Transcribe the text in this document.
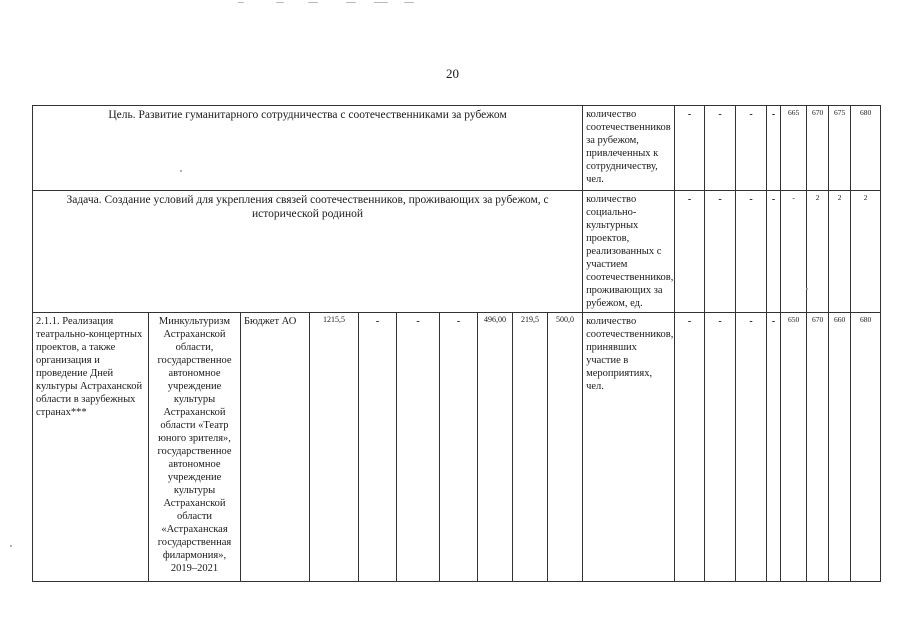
20
Цель. Развитие гуманитарного сотрудничества с соотечественниками за рубежом										количество соотечественников за рубежом, привлеченных к сотрудничеству, чел.	-	-	-	-	665	670	675	680
Задача. Создание условий для укрепления связей соотечественников, проживающих за рубежом, с исторической родиной										количество социально-культурных проектов, реализованных с участием соотечественников, проживающих за рубежом, ед.	-	-	-	-	-	2	2	2
2.1.1. Реализация театрально-концертных проектов, а также организация и проведение Дней культуры Астраханской области в зарубежных странах***	Минкультуризм Астраханской области, государственное автономное учреждение культуры Астраханской области «Театр юного зрителя», государственное автономное учреждение культуры Астраханской области «Астраханская государственная филармония», 2019–2021	Бюджет АО	1215,5	-	-	-	496,00	219,5	500,0	количество соотечественников, принявших участие в мероприятиях, чел.	-	-	-	-	650	670	660	680
